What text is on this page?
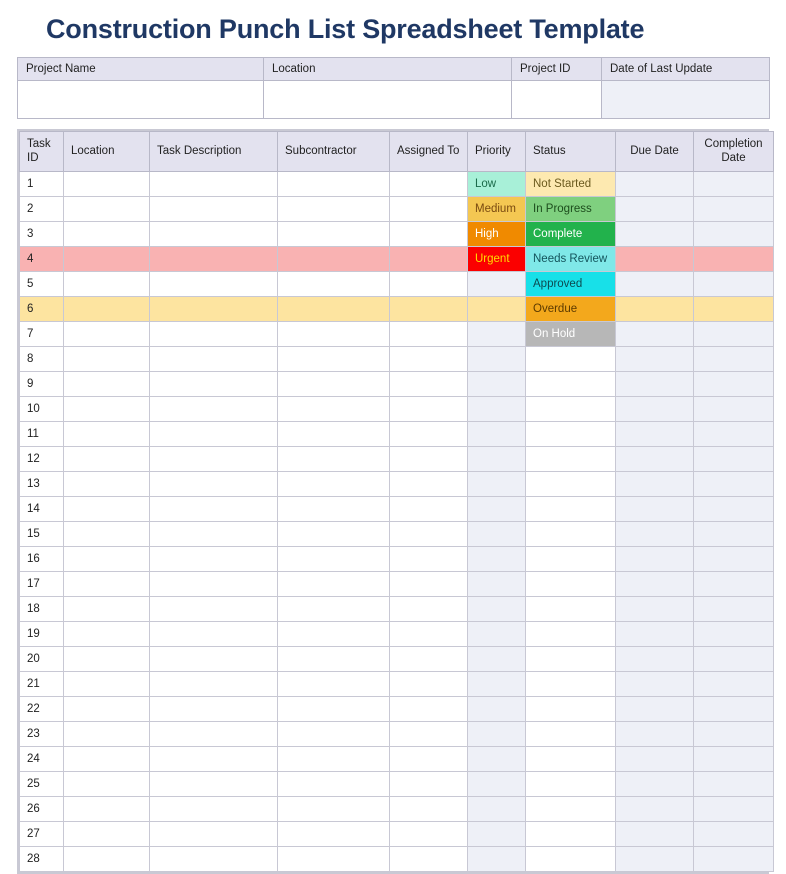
Construction Punch List Spreadsheet Template
Project Name	Location	Project ID	Date of Last Update

Task ID	Location	Task Description	Subcontractor	Assigned To	Priority	Status	Due Date	Completion Date
1					Low	Not Started		
2					Medium	In Progress		
3					High	Complete		
4					Urgent	Needs Review		
5						Approved		
6						Overdue		
7						On Hold		
8								
9								
10								
11								
12								
13								
14								
15								
16								
17								
18								
19								
20								
21								
22								
23								
24								
25								
26								
27								
28								
